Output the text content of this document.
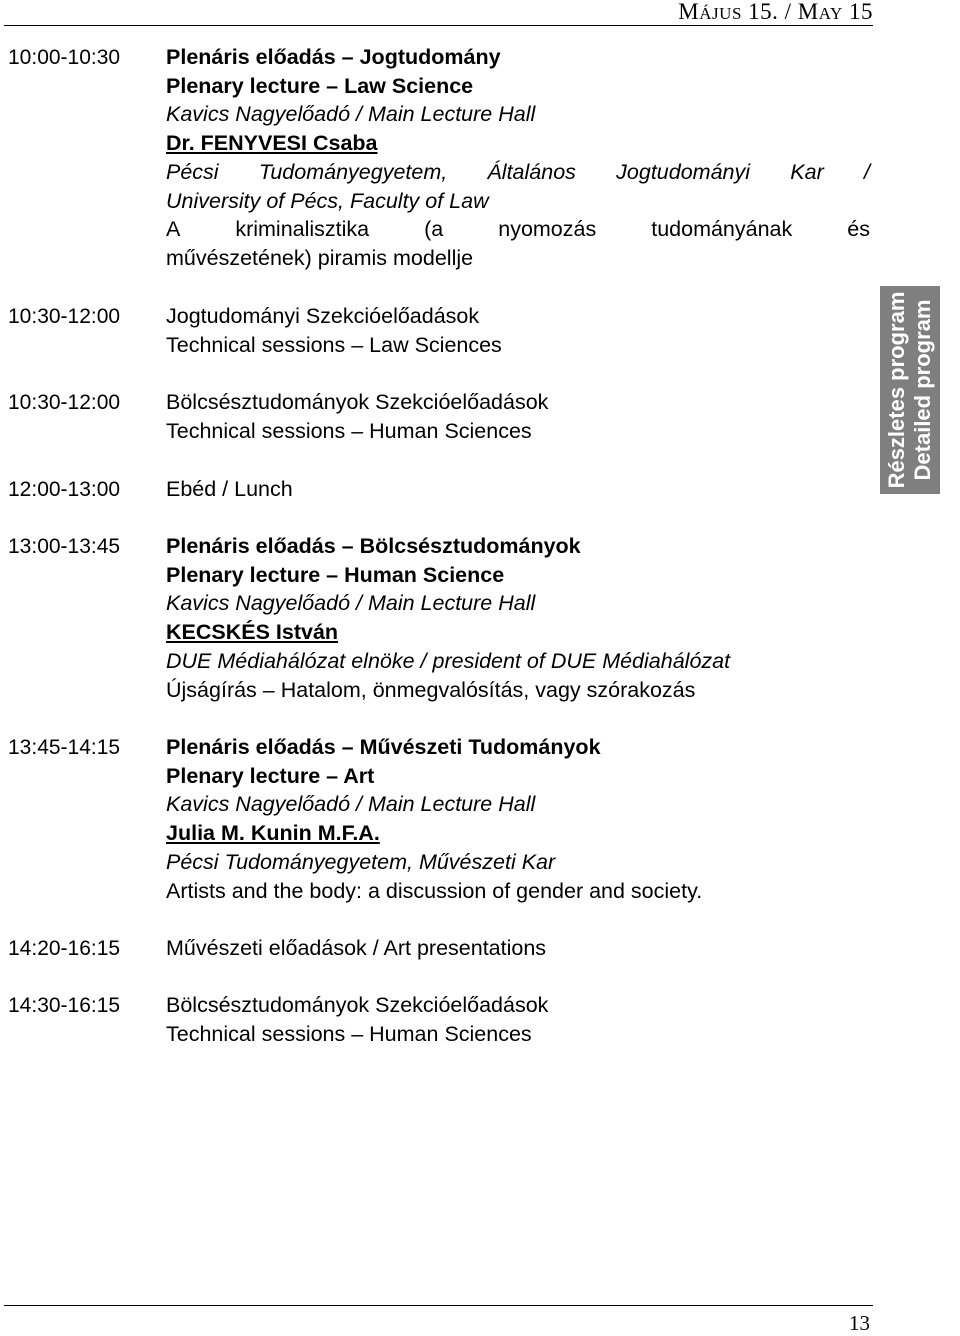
MÁJUS 15. / MAY 15
10:00-10:30 Plenáris előadás – Jogtudomány
Plenary lecture – Law Science
Kavics Nagyelőadó / Main Lecture Hall
Dr. FENYVESI Csaba
Pécsi Tudományegyetem, Általános Jogtudományi Kar /
University of Pécs, Faculty of Law
A	kriminalisztika	(a	nyomozás	tudományának	és
művészetének) piramis modellje
10:30-12:00 Jogtudományi Szekcióelőadások
Technical sessions – Law Sciences
10:30-12:00 Bölcsésztudományok Szekcióelőadások
Technical sessions – Human Sciences
12:00-13:00 Ebéd / Lunch
13:00-13:45 Plenáris előadás – Bölcsésztudományok
Plenary lecture – Human Science
Kavics Nagyelőadó / Main Lecture Hall
KECSKÉS István
DUE Médiahálózat elnöke / president of DUE Médiahálózat
Újságírás – Hatalom, önmegvalósítás, vagy szórakozás
13:45-14:15 Plenáris előadás – Művészeti Tudományok
Plenary lecture – Art
Kavics Nagyelőadó / Main Lecture Hall
Julia M. Kunin M.F.A.
Pécsi Tudományegyetem, Művészeti Kar
Artists and the body: a discussion of gender and society.
14:20-16:15 Művészeti előadások / Art presentations
14:30-16:15 Bölcsésztudományok Szekcióelőadások
Technical sessions – Human Sciences
Részletes program Detailed program
13
